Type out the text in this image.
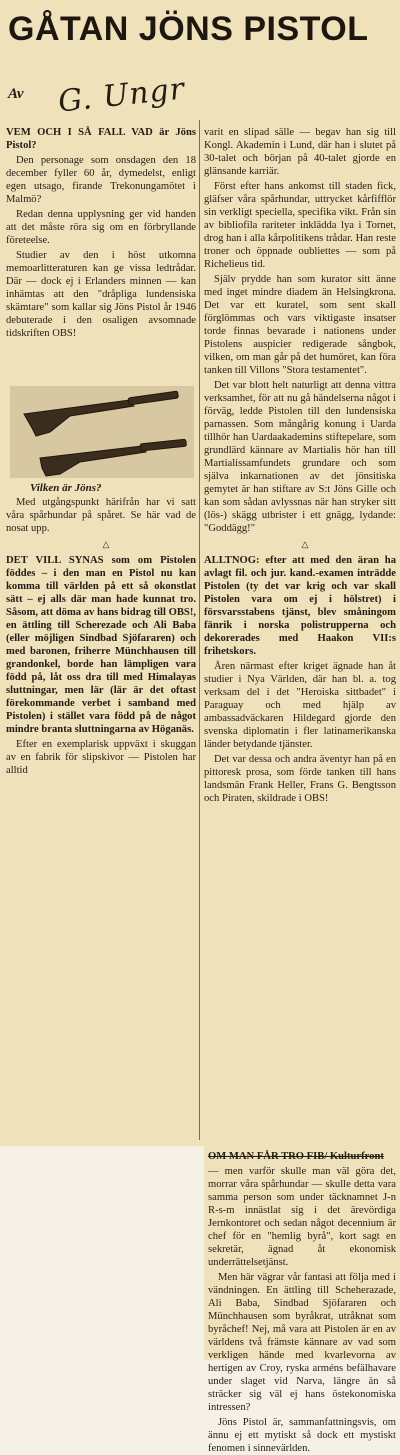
GÅTAN JÖNS PISTOL
Av G. Ungr

VEM OCH I SÅ FALL VAD är Jöns Pistol?

Den personage som onsdagen den 18 december fyller 60 år, dymedelst, enligt egen utsago, firande Trekonungamötet i Malmö?

Redan denna upplysning ger vid handen att det måste röra sig om en förbryllande företeelse.

Studier av den i höst utkomna memoarlitteraturen kan ge vissa ledtrådar. Där — dock ej i Erlanders minnen — kan inhämtas att den "dråpliga lundensiska skämtare" som kallar sig Jöns Pistol år 1946 debuterade i den osaligen avsomnade tidskriften OBS!

Vilken är Jöns?

Med utgångspunkt härifrån har vi satt våra spårhundar på spåret. Se här vad de nosat upp.

△

DET VILL SYNAS som om Pistolen föddes – i den man en Pistol nu kan komma till världen på ett så okonstlat sätt – ej alls där man hade kunnat tro. Såsom, att döma av hans bidrag till OBS!, en ättling till Scherezade och Ali Baba (eller möjligen Sindbad Sjöfararen) och med baronen, friherre Münchhausen till grandonkel, borde han lämpligen vara född på, låt oss dra till med Himalayas sluttningar, men lär (lär är det oftast förekommande verbet i samband med Pistolen) i stället vara född på de något mindre branta sluttningarna av Höganäs.

Efter en exemplarisk uppväxt i skuggan av en fabrik för slipskivor — Pistolen har alltid

varit en slipad sälle — begav han sig till Kongl. Akademin i Lund, där han i slutet på 30-talet och början på 40-talet gjorde en glänsande karriär.

Först efter hans ankomst till staden fick, gläfser våra spårhundar, uttrycket kårfifflör sin verkligt speciella, specifika vikt. Från sin av bibliofila rariteter inklädda lya i Tornet, drog han i alla kårpolitikens trådar. Han reste troner och öppnade oubliettes — som på Richelieus tid.

Själv prydde han som kurator sitt änne med inget mindre diadem än Helsingkrona. Det var ett kuratel, som sent skall förglömmas och vars viktigaste insatser torde finnas bevarade i nationens under Pistolens auspicier redigerade sångbok, vilken, om man går på det humöret, kan föra tanken till Villons "Stora testamentet".

Det var blott helt naturligt att denna vittra verksamhet, för att nu gå händelserna något i förväg, ledde Pistolen till den lundensiska parnassen. Som mångårig konung i Uarda tillhör han Uardaakademins stiftepelare, som grundlärd kännare av Martialis hör han till Martialissamfundets grundare och som själva inkarnationen av det jönsitiska gemytet är han stiftare av S:t Jöns Gille och kan som sådan avlyssnas när han stryker sitt (lös-) skägg utbrister i ett gnägg, lydande: "Goddägg!"

△

ALLTNOG: efter att med den äran ha avlagt fil. och jur. kand.-examen inträdde Pistolen (ty det var krig och var skall Pistolen vara om ej i hölstret) i försvarsstabens tjänst, blev småningom fänrik i norska polistrupperna och dekorerades med Haakon VII:s frihetskors.

Åren närmast efter kriget ägnade han åt studier i Nya Världen, där han bl. a. tog verksam del i det "Heroiska sittbadet" i Paraguay och med hjälp av ambassadväckaren Hildegard gjorde den svenska diplomatin i fler latinamerikanska länder betydande tjänster.

Det var dessa och andra äventyr han på en pittoresk prosa, som förde tanken till hans landsmän Frank Heller, Frans G. Bengtsson och Piraten, skildrade i OBS!

OM MAN FÅR TRO FIB/ Kulturfront

— men varför skulle man väl göra det, morrar våra spårhundar — skulle detta vara samma person som under täcknamnet J-n R-s-m innästlat sig i det ärevördiga Jernkontoret och sedan något decennium är chef för en "hemlig byrå", kort sagt en sekretär, ägnad åt ekonomisk underrättelsetjänst.

Men här vägrar vår fantasi att följa med i vändningen. En ättling till Scheherazade, Ali Baba, Sindbad Sjöfararen och Münchhausen som byråkrat, utråknat som byråchef! Nej, må vara att Pistolen är en av världens två främste kännare av vad som verkligen hände med kvarlevorna av hertigen av Croy, ryska arméns befälhavare under slaget vid Narva, längre än så sträcker sig väl ej hans östekonomiska intressen?

Jöns Pistol är, sammanfattningsvis, om ännu ej ett mytiskt så dock ett mystiskt fenomen i sinnevärlden.
